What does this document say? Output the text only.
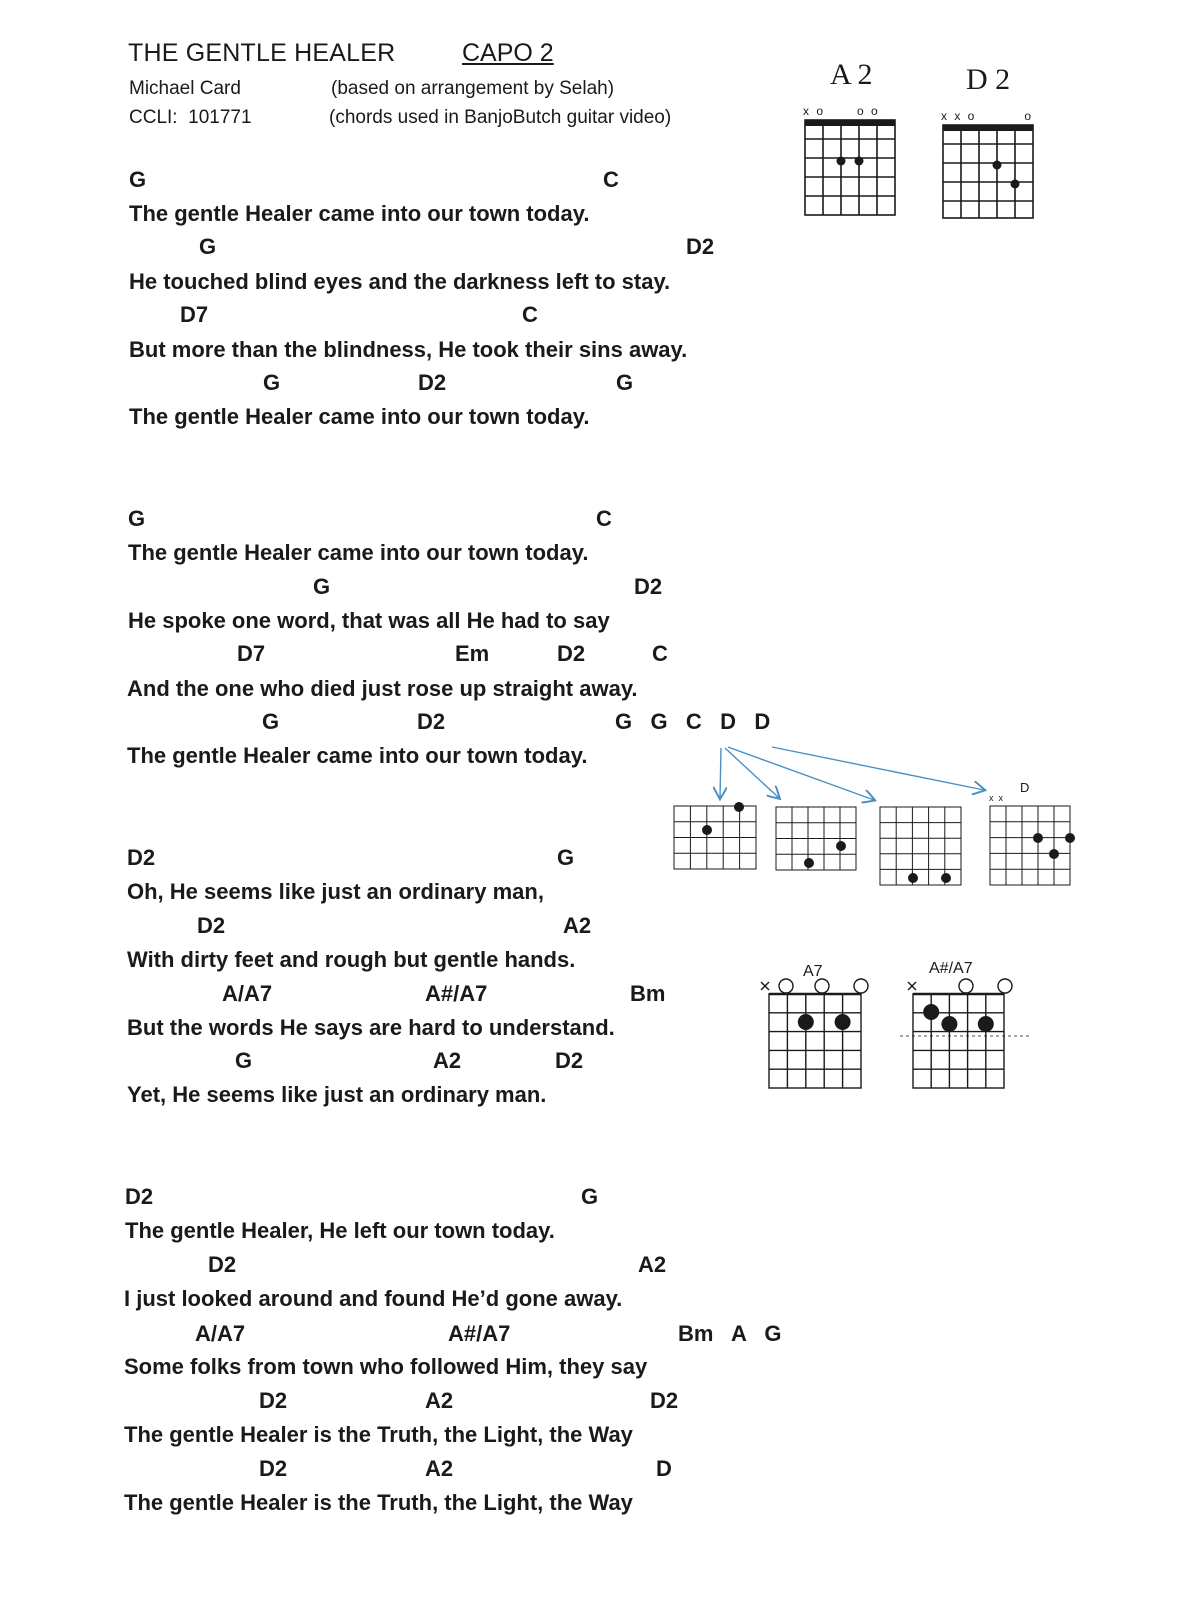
THE GENTLE HEALER	CAPO 2
Michael Card
CCLI:  101771
(based on arrangement by Selah)
(chords used in BanjoButch guitar video)
G	C
The gentle Healer came into our town today.
G	D2
He touched blind eyes and the darkness left to stay.
D7	C
But more than the blindness, He took their sins away.
G	D2	G
The gentle Healer came into our town today.
G	C
The gentle Healer came into our town today.
G	D2
He spoke one word, that was all He had to say
D7	Em	D2	C
And the one who died just rose up straight away.
G	D2	G   G   C   D   D
The gentle Healer came into our town today.
D2	G
Oh, He seems like just an ordinary man,
D2	A2
With dirty feet and rough but gentle hands.
A/A7	A#/A7	Bm
But the words He says are hard to understand.
G	A2	D2
Yet, He seems like just an ordinary man.
D2	G
The gentle Healer, He left our town today.
D2	A2
I just looked around and found He’d gone away.
A/A7	A#/A7	Bm   A   G
Some folks from town who followed Him, they say
D2	A2	D2
The gentle Healer is the Truth, the Light, the Way
D2	A2	D
The gentle Healer is the Truth, the Light, the Way
A 2
x o      o o
D 2
x x o         o
D
x  x
A7	A#/A7
